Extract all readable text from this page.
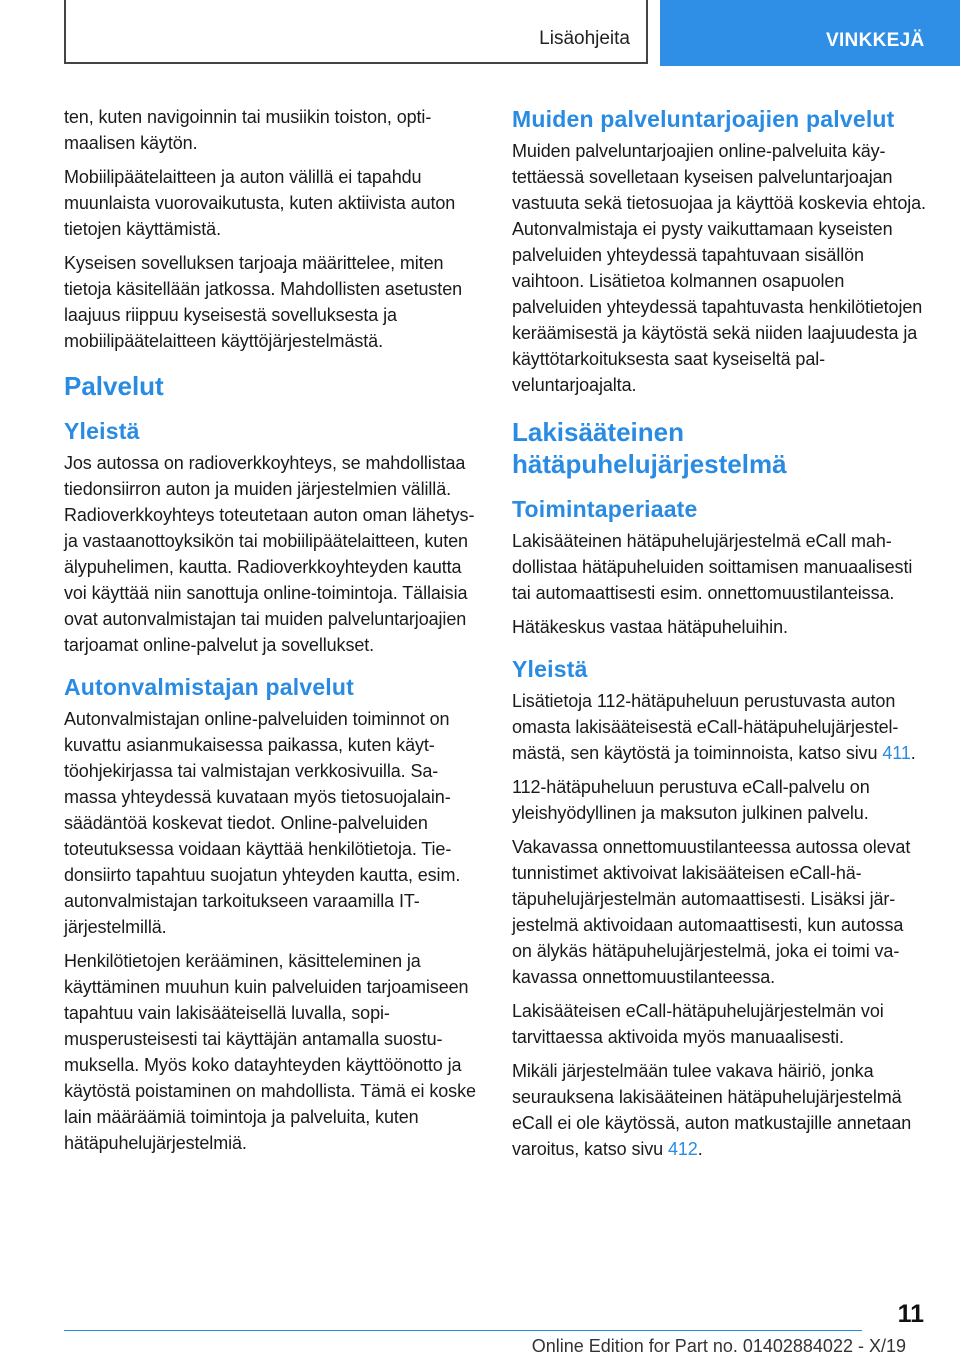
Lisäohjeita	VINKKEJÄ

ten, kuten navigoinnin tai musiikin toiston, optimaalisen käytön.

Mobiilipäätelaitteen ja auton välillä ei tapahdu muunlaista vuorovaikutusta, kuten aktiivista auton tietojen käyttämistä.

Kyseisen sovelluksen tarjoaja määrittelee, miten tietoja käsitellään jatkossa. Mahdollisten asetusten laajuus riippuu kyseisestä sovelluksesta ja mobiilipäätelaitteen käyttöjärjestelmästä.

Palvelut
Yleistä

Jos autossa on radioverkkoyhteys, se mahdollistaa tiedonsiirron auton ja muiden järjestelmien välillä. Radioverkkoyhteys toteutetaan auton oman lähetys- ja vastaanottoyksikön tai mobiilipäätelaitteen, kuten älypuhelimen, kautta. Radioverkkoyhteyden kautta voi käyttää niin sanottuja online-toimintoja. Tällaisia ovat autonvalmistajan tai muiden palveluntarjoajien tarjoamat online-palvelut ja sovellukset.

Autonvalmistajan palvelut

Autonvalmistajan online-palveluiden toiminnot on kuvattu asianmukaisessa paikassa, kuten käyttöohjekirjassa tai valmistajan verkkosivuilla. Samassa yhteydessä kuvataan myös tietosuojalainsäädäntöä koskevat tiedot. Online-palveluiden toteutuksessa voidaan käyttää henkilötietoja. Tiedonsiirto tapahtuu suojatun yhteyden kautta, esim. autonvalmistajan tarkoitukseen varaamilla IT-järjestelmillä.

Henkilötietojen kerääminen, käsitteleminen ja käyttäminen muuhun kuin palveluiden tarjoamiseen tapahtuu vain lakisääteisellä luvalla, sopimusperusteisesti tai käyttäjän antamalla suostumuksella. Myös koko datayhteyden käyttöönotto ja käytöstä poistaminen on mahdollista. Tämä ei koske lain määräämiä toimintoja ja palveluita, kuten hätäpuhelujärjestelmiä.

Muiden palveluntarjoajien palvelut

Muiden palveluntarjoajien online-palveluita käytettäessä sovelletaan kyseisen palveluntarjoajan vastuuta sekä tietosuojaa ja käyttöä koskevia ehtoja. Autonvalmistaja ei pysty vaikuttamaan kyseisten palveluiden yhteydessä tapahtuvaan sisällön vaihtoon. Lisätietoa kolmannen osapuolen palveluiden yhteydessä tapahtuvasta henkilötietojen keräämisestä ja käytöstä sekä niiden laajuudesta ja käyttötarkoituksesta saat kyseiseltä palveluntarjoajalta.

Lakisääteinen hätäpuhelujärjestelmä
Toimintaperiaate

Lakisääteinen hätäpuhelujärjestelmä eCall mahdollistaa hätäpuheluiden soittamisen manuaalisesti tai automaattisesti esim. onnettomuustilanteissa.

Hätäkeskus vastaa hätäpuheluihin.

Yleistä

Lisätietoja 112-hätäpuheluun perustuvasta auton omasta lakisääteisestä eCall-hätäpuhelujärjestelmästä, sen käytöstä ja toiminnoista, katso sivu 411.

112-hätäpuheluun perustuva eCall-palvelu on yleishyödyllinen ja maksuton julkinen palvelu.

Vakavassa onnettomuustilanteessa autossa olevat tunnistimet aktivoivat lakisääteisen eCall-hätäpuhelujärjestelmän automaattisesti. Lisäksi järjestelmä aktivoidaan automaattisesti, kun autossa on älykäs hätäpuhelujärjestelmä, joka ei toimi vakavassa onnettomuustilanteessa.

Lakisääteisen eCall-hätäpuhelujärjestelmän voi tarvittaessa aktivoida myös manuaalisesti.

Mikäli järjestelmään tulee vakava häiriö, jonka seurauksena lakisääteinen hätäpuhelujärjestelmä eCall ei ole käytössä, auton matkustajille annetaan varoitus, katso sivu 412.

11
Online Edition for Part no. 01402884022 - X/19
